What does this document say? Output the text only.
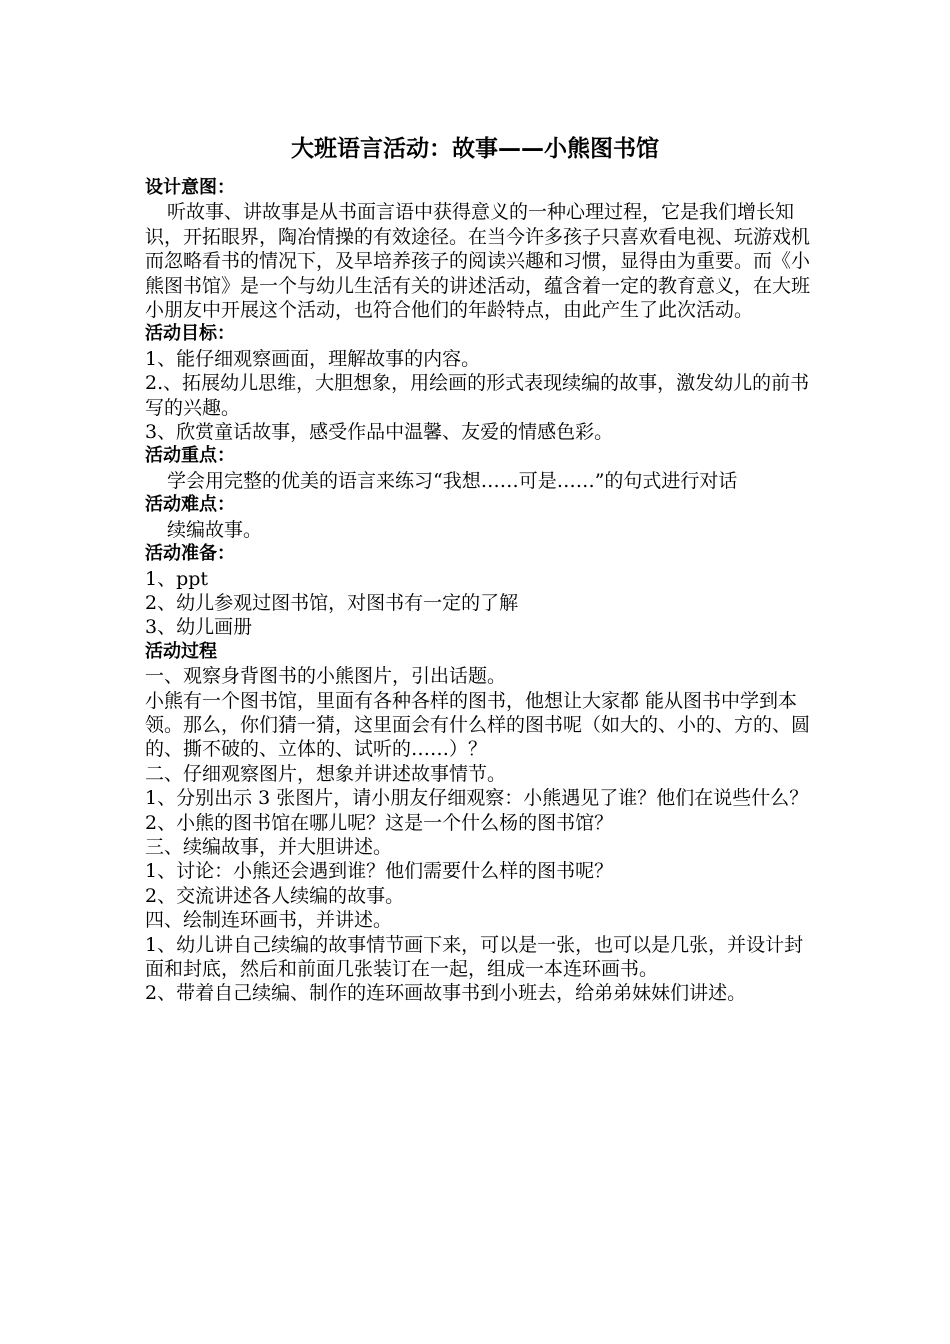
大班语言活动：故事——小熊图书馆

设计意图：

听故事、讲故事是从书面言语中获得意义的一种心理过程，它是我们增长知识，开拓眼界，陶冶情操的有效途径。在当今许多孩子只喜欢看电视、玩游戏机而忽略看书的情况下，及早培养孩子的阅读兴趣和习惯，显得由为重要。而《小熊图书馆》是一个与幼儿生活有关的讲述活动，蕴含着一定的教育意义，在大班小朋友中开展这个活动，也符合他们的年龄特点，由此产生了此次活动。

活动目标：

1、能仔细观察画面，理解故事的内容。

2.、拓展幼儿思维，大胆想象，用绘画的形式表现续编的故事，激发幼儿的前书写的兴趣。

3、欣赏童话故事，感受作品中温馨、友爱的情感色彩。

活动重点：

学会用完整的优美的语言来练习“我想……可是……”的句式进行对话

活动难点：

续编故事。

活动准备：

1、ppt

2、幼儿参观过图书馆，对图书有一定的了解

3、幼儿画册

活动过程

一、观察身背图书的小熊图片，引出话题。

小熊有一个图书馆，里面有各种各样的图书，他想让大家都 能从图书中学到本领。那么，你们猜一猜，这里面会有什么样的图书呢（如大的、小的、方的、圆的、撕不破的、立体的、试听的……）？

二、仔细观察图片，想象并讲述故事情节。

1、分别出示 3 张图片，请小朋友仔细观察：小熊遇见了谁？他们在说些什么？

2、小熊的图书馆在哪儿呢？这是一个什么杨的图书馆？

三、续编故事，并大胆讲述。

1、讨论：小熊还会遇到谁？他们需要什么样的图书呢？

2、交流讲述各人续编的故事。

四、绘制连环画书，并讲述。

1、幼儿讲自己续编的故事情节画下来，可以是一张，也可以是几张，并设计封面和封底，然后和前面几张装订在一起，组成一本连环画书。

2、带着自己续编、制作的连环画故事书到小班去，给弟弟妹妹们讲述。
